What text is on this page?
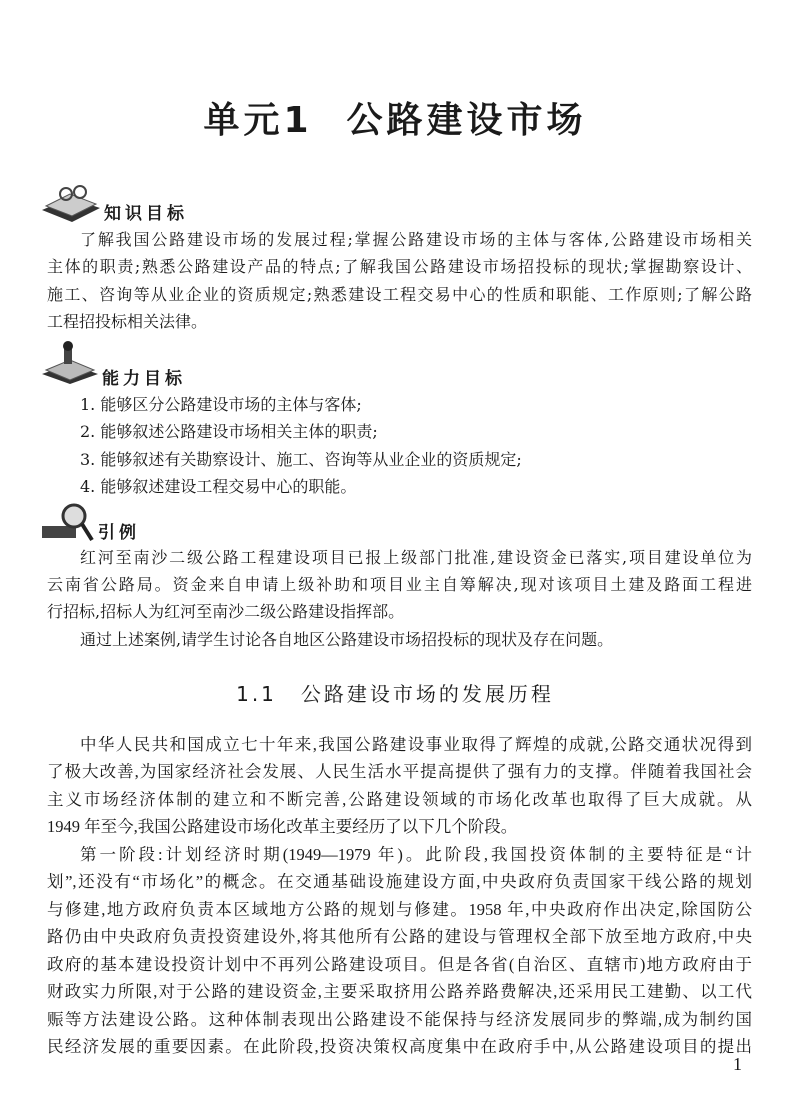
单元1 公路建设市场
知识目标
了解我国公路建设市场的发展过程;掌握公路建设市场的主体与客体,公路建设市场相关
主体的职责;熟悉公路建设产品的特点;了解我国公路建设市场招投标的现状;掌握勘察设计、
施工、咨询等从业企业的资质规定;熟悉建设工程交易中心的性质和职能、工作原则;了解公路
工程招投标相关法律。
能力目标
1. 能够区分公路建设市场的主体与客体;
2. 能够叙述公路建设市场相关主体的职责;
3. 能够叙述有关勘察设计、施工、咨询等从业企业的资质规定;
4. 能够叙述建设工程交易中心的职能。
引例
红河至南沙二级公路工程建设项目已报上级部门批准,建设资金已落实,项目建设单位为
云南省公路局。资金来自申请上级补助和项目业主自筹解决,现对该项目土建及路面工程进
行招标,招标人为红河至南沙二级公路建设指挥部。
通过上述案例,请学生讨论各自地区公路建设市场招投标的现状及存在问题。
1.1 公路建设市场的发展历程
中华人民共和国成立七十年来,我国公路建设事业取得了辉煌的成就,公路交通状况得到
了极大改善,为国家经济社会发展、人民生活水平提高提供了强有力的支撑。伴随着我国社会
主义市场经济体制的建立和不断完善,公路建设领域的市场化改革也取得了巨大成就。从
1949 年至今,我国公路建设市场化改革主要经历了以下几个阶段。
第一阶段:计划经济时期(1949—1979 年)。此阶段,我国投资体制的主要特征是“计
划”,还没有“市场化”的概念。在交通基础设施建设方面,中央政府负责国家干线公路的规划
与修建,地方政府负责本区域地方公路的规划与修建。1958 年,中央政府作出决定,除国防公
路仍由中央政府负责投资建设外,将其他所有公路的建设与管理权全部下放至地方政府,中央
政府的基本建设投资计划中不再列公路建设项目。但是各省(自治区、直辖市)地方政府由于
财政实力所限,对于公路的建设资金,主要采取挤用公路养路费解决,还采用民工建勤、以工代
赈等方法建设公路。这种体制表现出公路建设不能保持与经济发展同步的弊端,成为制约国
民经济发展的重要因素。在此阶段,投资决策权高度集中在政府手中,从公路建设项目的提出
1
